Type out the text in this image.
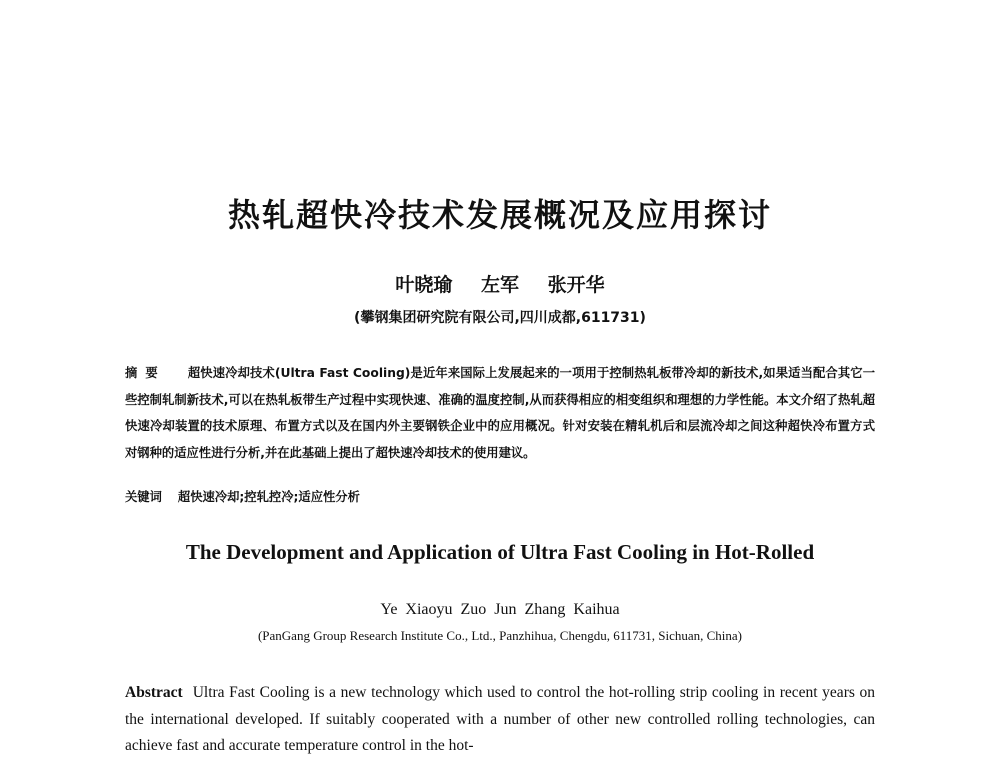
热轧超快冷技术发展概况及应用探讨
叶晓瑜 左军 张开华
(攀钢集团研究院有限公司,四川成都,611731)
摘要 超快速冷却技术(Ultra Fast Cooling)是近年来国际上发展起来的一项用于控制热轧板带冷却的新技术,如果适当配合其它一些控制轧制新技术,可以在热轧板带生产过程中实现快速、准确的温度控制,从而获得相应的相变组织和理想的力学性能。本文介绍了热轧超快速冷却装置的技术原理、布置方式以及在国内外主要钢铁企业中的应用概况。针对安装在精轧机后和层流冷却之间这种超快冷布置方式对钢种的适应性进行分析,并在此基础上提出了超快速冷却技术的使用建议。
关键词 超快速冷却;控轧控冷;适应性分析
The Development and Application of Ultra Fast Cooling in Hot-Rolled
Ye Xiaoyu Zuo Jun Zhang Kaihua
(PanGang Group Research Institute Co., Ltd., Panzhihua, Chengdu, 611731, Sichuan, China)
Abstract Ultra Fast Cooling is a new technology which used to control the hot-rolling strip cooling in recent years on the international developed. If suitably cooperated with a number of other new controlled rolling technologies, can achieve fast and accurate temperature control in the hot-
